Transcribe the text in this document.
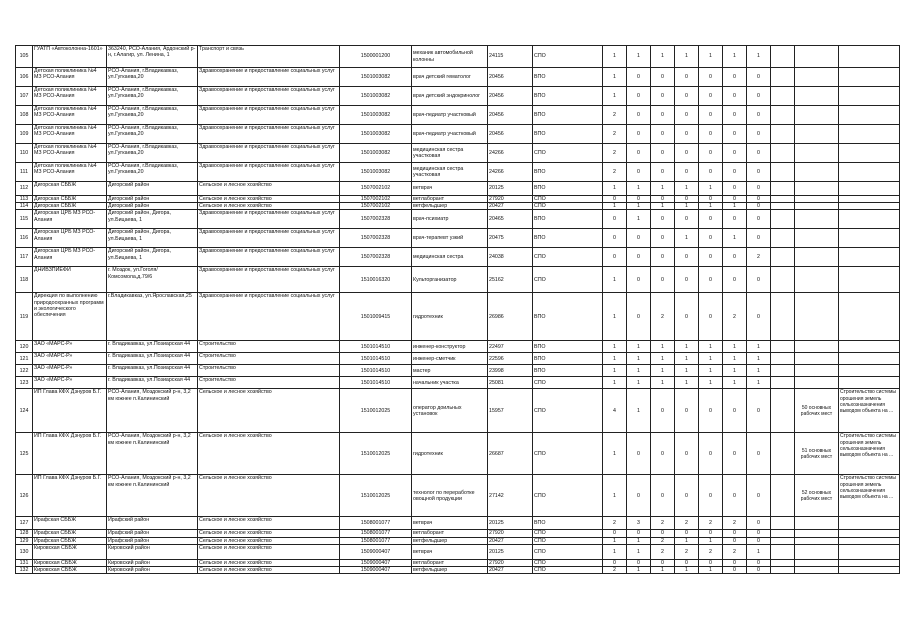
105	ГУАТП «Автоколонна-1601»	363240, РСО-Алания, Ардонский р-н, г.Алагир, ул. Ленина, 1	Транспорт и связь	1500001200	механик автомобильной колонны	24115	СПО	1	1	1	1	1	1	1			
106	Детская поликлиника №4 МЗ РСО-Алания	РСО-Алания, г.Владикавказ, ул.Гугкаева,20	Здравоохранение и предоставление социальных услуг	1501003082	врач детский гематолог	20456	ВПО	1	0	0	0	0	0	0			
107	Детская поликлиника №4 МЗ РСО-Алания	РСО-Алания, г.Владикавказ, ул.Гугкаева,20	Здравоохранение и предоставление социальных услуг	1501003082	врач детский эндокринолог	20456	ВПО	1	0	0	0	0	0	0			
108	Детская поликлиника №4 МЗ РСО-Алания	РСО-Алания, г.Владикавказ, ул.Гугкаева,20	Здравоохранение и предоставление социальных услуг	1501003082	врач-педиатр участковый	20456	ВПО	2	0	0	0	0	0	0			
109	Детская поликлиника №4 МЗ РСО-Алания	РСО-Алания, г.Владикавказ, ул.Гугкаева,20	Здравоохранение и предоставление социальных услуг	1501003082	врач-педиатр участковый	20456	ВПО	2	0	0	0	0	0	0			
110	Детская поликлиника №4 МЗ РСО-Алания	РСО-Алания, г.Владикавказ, ул.Гугкаева,20	Здравоохранение и предоставление социальных услуг	1501003082	медицинская сестра участковая	24266	СПО	2	0	0	0	0	0	0			
111	Детская поликлиника №4 МЗ РСО-Алания	РСО-Алания, г.Владикавказ, ул.Гугкаева,20	Здравоохранение и предоставление социальных услуг	1501003082	медицинская сестра участковая	24266	ВПО	2	0	0	0	0	0	0			
112	Дигорская СББЖ	Дигорский район	Сельское и лесное хозяйство	1507002102	ветврач	20125	ВПО	1	1	1	1	1	0	0			
113	Дигорская СББЖ	Дигорский район	Сельское и лесное хозяйство	1507002102	ветлаборант	27920	СПО	0	0	0	0	0	0	0			
114	Дигорская СББЖ	Дигорский район	Сельское и лесное хозяйство	1507002102	ветфельдшер	20427	СПО	1	1	1	1	1	1	0			
115	Дигорская ЦРБ МЗ РСО-Алания	Дигорский район, Дигора, ул.Бицаева, 1	Здравоохранение и предоставление социальных услуг	1507002328	врач-психиатр	20465	ВПО	0	1	0	0	0	0	0			
116	Дигорская ЦРБ МЗ РСО-Алания	Дигорский район, Дигора, ул.Бицаева, 1	Здравоохранение и предоставление социальных услуг	1507002328	врач-терапевт узкий	20475	ВПО	0	0	0	1	0	1	0			
117	Дигорская ЦРБ МЗ РСО-Алания	Дигорский район, Дигора, ул.Бицаева, 1	Здравоохранение и предоставление социальных услуг	1507002328	медицинская сестра	24038	СПО	0	0	0	0	0	0	2			
118	ДНИВЗПИЕФИ	г. Моздок, ул.Гоголя/Комсомола,д.79/6	Здравоохранение и предоставление социальных услуг	1510016320	Культорганизатор	25162	СПО	1	0	0	0	0	0	0			
119	Дирекция по выполнению природоохранных программ и экологического обеспечения	г.Владикавказ, ул.Ярославская,25	Здравоохранение и предоставление социальных услуг	1501009415	гидротехник	26986	ВПО	1	0	2	0	0	2	0			
120	ЗАО «МАРС-Р»	г. Владикавказ, ул.Позиарская 44	Строительство	1501014510	инженер-конструктор	22497	ВПО	1	1	1	1	1	1	1			
121	ЗАО «МАРС-Р»	г. Владикавказ, ул.Позиарская 44	Строительство	1501014510	инженер-сметчик	22596	ВПО	1	1	1	1	1	1	1			
122	ЗАО «МАРС-Р»	г. Владикавказ, ул.Позиарская 44	Строительство	1501014510	мастер	23998	ВПО	1	1	1	1	1	1	1			
123	ЗАО «МАРС-Р»	г. Владикавказ, ул.Позиарская 44	Строительство	1501014510	начальник участка	25081	СПО	1	1	1	1	1	1	1			
124	ИП Глава КФХ Дзнуров Б.Г.	РСО-Алания, Моздокский р-н, 3,2 км южнее п.Калининский	Сельское и лесное хозяйство	1510012025	оператор доильных установок	15957	СПО	4	1	0	0	0	0	0		50 основных рабочих мест	Строительство системы орошения земель сельхозназначения выводом объекта на ...
125	ИП Глава КФХ Дзнуров Б.Г.	РСО-Алания, Моздокский р-н, 3,2 км южнее п.Калининский	Сельское и лесное хозяйство	1510012025	гидротехник	26687	СПО	1	0	0	0	0	0	0		51 основных рабочих мест	Строительство системы орошения земель сельхозназначения выводом объекта на ...
126	ИП Глава КФХ Дзнуров Б.Г.	РСО-Алания, Моздокский р-н, 3,2 км южнее п.Калининский	Сельское и лесное хозяйство	1510012025	технолог по переработке овощной продукции	27142	СПО	1	0	0	0	0	0	0		52 основных рабочих мест	Строительство системы орошения земель сельхозназначения выводом объекта на ...
127	Ирафская СББЖ	Ирафский район	Сельское и лесное хозяйство	1508001077	ветврач	20125	ВПО	2	3	2	2	2	2	0			
128	Ирафская СББЖ	Ирафский район	Сельское и лесное хозяйство	1508001077	ветлаборант	27920	СПО	0	0	0	0	0	0	0			
129	Ирафская СББЖ	Ирафский район	Сельское и лесное хозяйство	1508001077	ветфельдшер	20427	СПО	1	1	2	1	1	0	0			
130	Кировская СББЖ	Кировский район	Сельское и лесное хозяйство	1509000407	ветврач	20125	СПО	1	1	2	2	2	2	1			
131	Кировская СББЖ	Кировский район	Сельское и лесное хозяйство	1509000407	ветлаборант	27920	СПО	0	0	0	0	0	0	0			
132	Кировская СББЖ	Кировский район	Сельское и лесное хозяйство	1509000407	ветфельдшер	20427	СПО	2	1	1	1	1	0	0			
